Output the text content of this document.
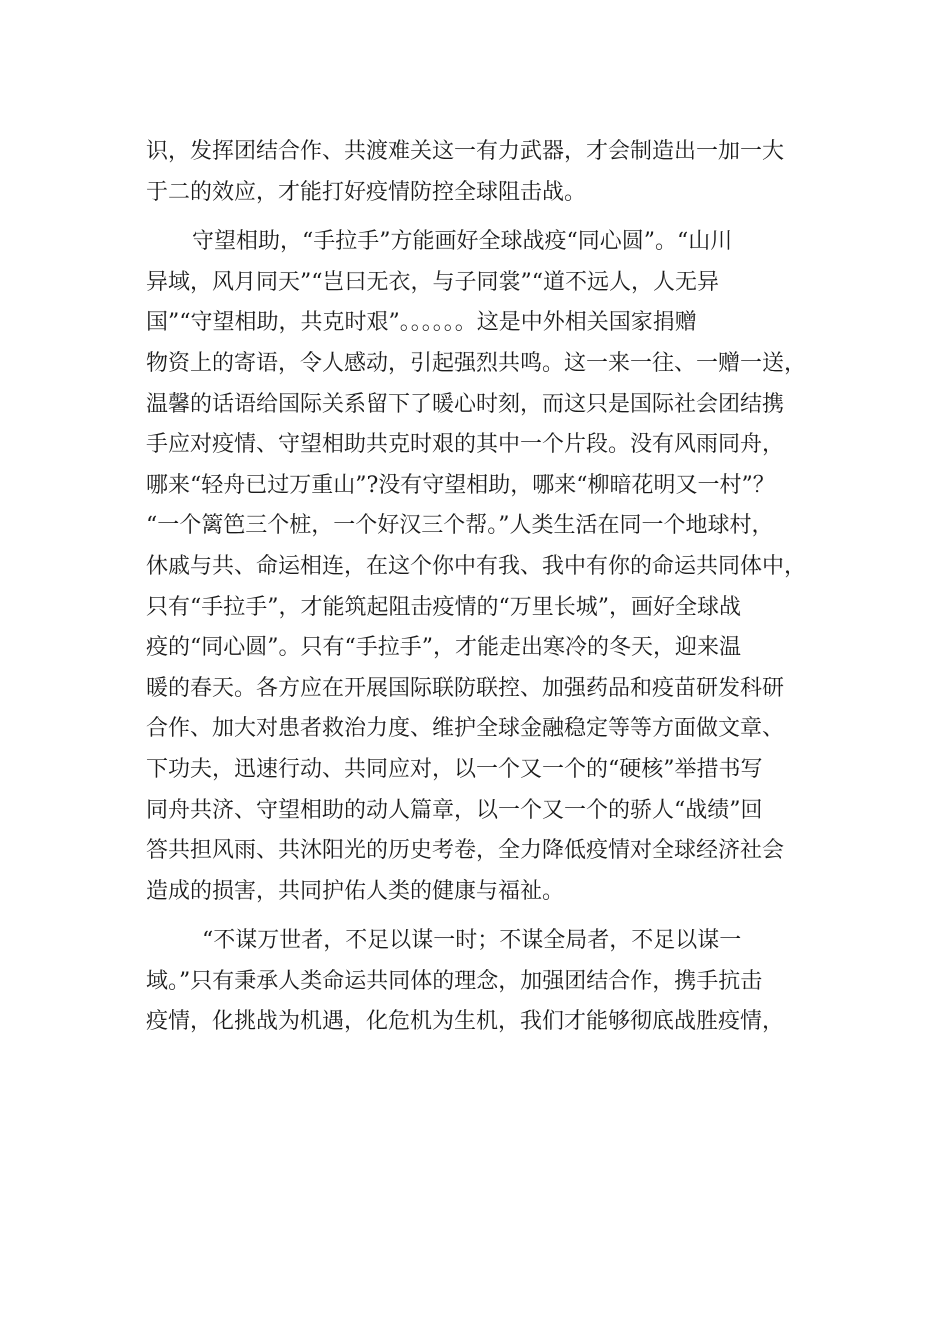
识，发挥团结合作、共渡难关这一有力武器，才会制造出一加一大
于二的效应，才能打好疫情防控全球阻击战。
守望相助，“手拉手”方能画好全球战疫“同心圆”。“山川
异域，风月同天”“岂曰无衣，与子同裳”“道不远人，人无异
国”“守望相助，共克时艰”。。。。。。这是中外相关国家捐赠
物资上的寄语，令人感动，引起强烈共鸣。这一来一往、一赠一送，
温馨的话语给国际关系留下了暖心时刻，而这只是国际社会团结携
手应对疫情、守望相助共克时艰的其中一个片段。没有风雨同舟，
哪来“轻舟已过万重山”?没有守望相助，哪来“柳暗花明又一村”？
“一个篱笆三个桩，一个好汉三个帮。”人类生活在同一个地球村，
休戚与共、命运相连，在这个你中有我、我中有你的命运共同体中，
只有“手拉手”，才能筑起阻击疫情的“万里长城”，画好全球战
疫的“同心圆”。只有“手拉手”，才能走出寒冷的冬天，迎来温
暖的春天。各方应在开展国际联防联控、加强药品和疫苗研发科研
合作、加大对患者救治力度、维护全球金融稳定等等方面做文章、
下功夫，迅速行动、共同应对，以一个又一个的“硬核”举措书写
同舟共济、守望相助的动人篇章，以一个又一个的骄人“战绩”回
答共担风雨、共沐阳光的历史考卷，全力降低疫情对全球经济社会
造成的损害，共同护佑人类的健康与福祉。
“不谋万世者，不足以谋一时；不谋全局者，不足以谋一
域。”只有秉承人类命运共同体的理念，加强团结合作，携手抗击
疫情，化挑战为机遇，化危机为生机，我们才能够彻底战胜疫情，
